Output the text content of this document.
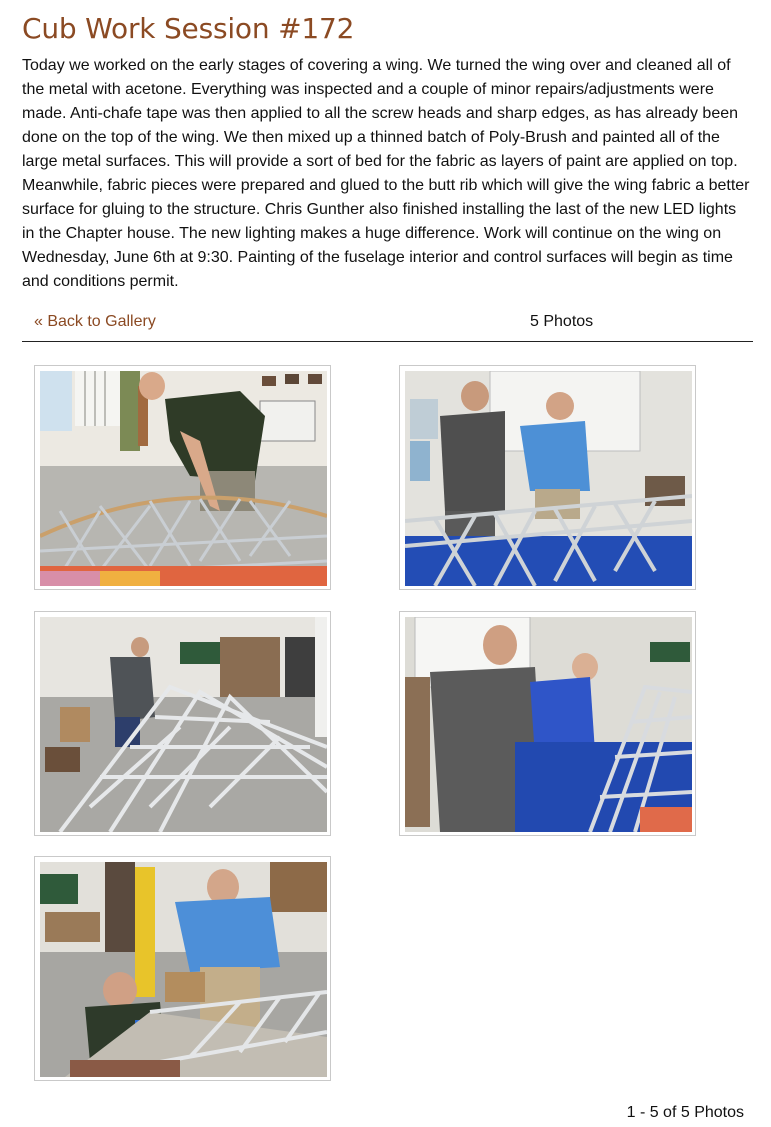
Cub Work Session #172

Today we worked on the early stages of covering a wing. We turned the wing over and cleaned all of the metal with acetone. Everything was inspected and a couple of minor repairs/adjustments were made. Anti-chafe tape was then applied to all the screw heads and sharp edges, as has already been done on the top of the wing. We then mixed up a thinned batch of Poly-Brush and painted all of the large metal surfaces. This will provide a sort of bed for the fabric as layers of paint are applied on top. Meanwhile, fabric pieces were prepared and glued to the butt rib which will give the wing fabric a better surface for gluing to the structure. Chris Gunther also finished installing the last of the new LED lights in the Chapter house. The new lighting makes a huge difference. Work will continue on the wing on Wednesday, June 6th at 9:30. Painting of the fuselage interior and control surfaces will begin as time and conditions permit.

« Back to Gallery	5 Photos
1 - 5 of 5 Photos
